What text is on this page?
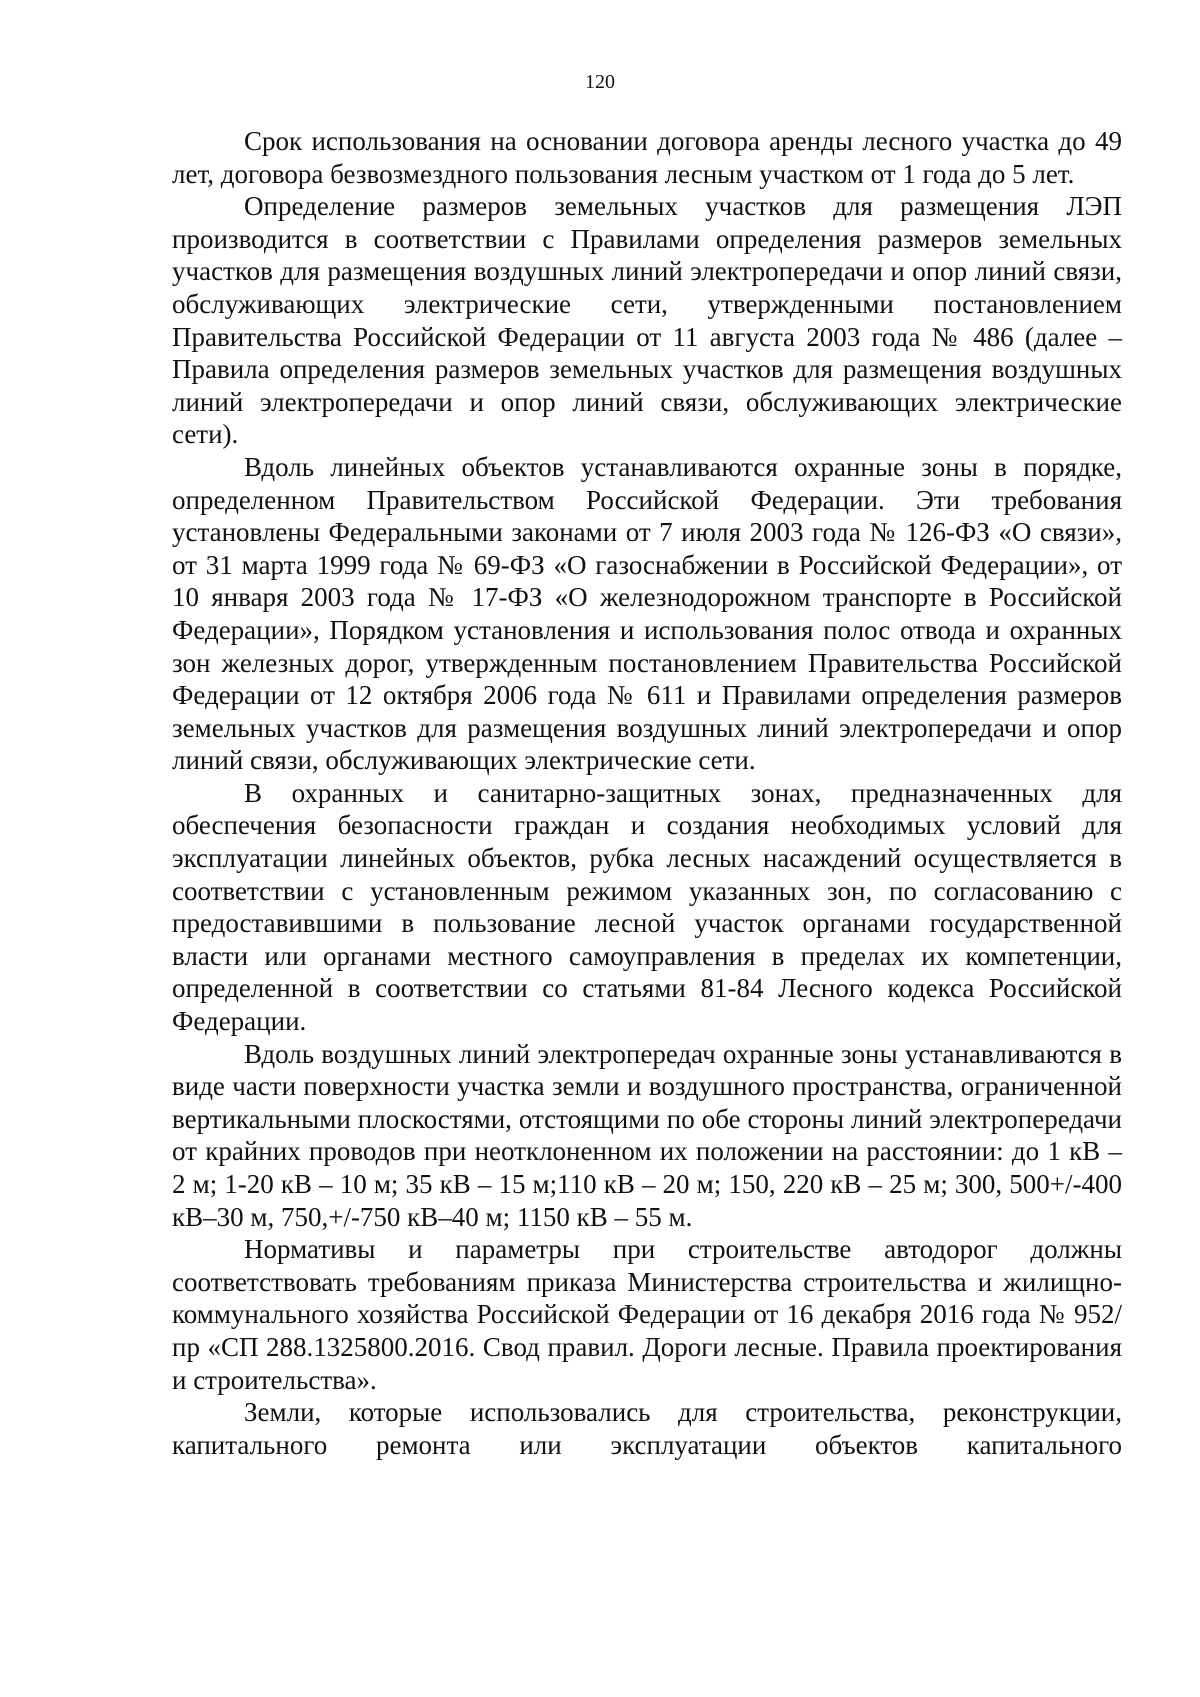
120

Срок использования на основании договора аренды лесного участка до 49 лет, договора безвозмездного пользования лесным участком от 1 года до 5 лет.

Определение размеров земельных участков для размещения ЛЭП производится в соответствии с Правилами определения размеров земельных участков для размещения воздушных линий электропередачи и опор линий связи, обслуживающих электрические сети, утвержденными постановлением Правительства Российской Федерации от 11 августа 2003 года № 486 (далее – Правила определения размеров земельных участков для размещения воздушных линий электропередачи и опор линий связи, обслуживающих электрические сети).

Вдоль линейных объектов устанавливаются охранные зоны в порядке, определенном Правительством Российской Федерации. Эти требования установлены Федеральными законами от 7 июля 2003 года № 126-ФЗ «О связи», от 31 марта 1999 года № 69-ФЗ «О газоснабжении в Российской Федерации», от 10 января 2003 года № 17-ФЗ «О железнодорожном транспорте в Российской Федерации», Порядком установления и использования полос отвода и охранных зон железных дорог, утвержденным постановлением Правительства Российской Федерации от 12 октября 2006 года № 611 и Правилами определения размеров земельных участков для размещения воздушных линий электропередачи и опор линий связи, обслуживающих электрические сети.

В охранных и санитарно-защитных зонах, предназначенных для обеспечения безопасности граждан и создания необходимых условий для эксплуатации линейных объектов, рубка лесных насаждений осуществляется в соответствии с установленным режимом указанных зон, по согласованию с предоставившими в пользование лесной участок органами государственной власти или органами местного самоуправления в пределах их компетенции, определенной в соответствии со статьями 81-84 Лесного кодекса Российской Федерации.

Вдоль воздушных линий электропередач охранные зоны устанавливаются в виде части поверхности участка земли и воздушного пространства, ограниченной вертикальными плоскостями, отстоящими по обе стороны линий электропередачи от крайних проводов при неотклоненном их положении на расстоянии: до 1 кВ – 2 м; 1-20 кВ – 10 м; 35 кВ – 15 м;110 кВ – 20 м; 150, 220 кВ – 25 м; 300, 500+/-400 кВ–30 м, 750,+/-750 кВ–40 м; 1150 кВ – 55 м.

Нормативы и параметры при строительстве автодорог должны соответствовать требованиям приказа Министерства строительства и жилищно-коммунального хозяйства Российской Федерации от 16 декабря 2016 года № 952/пр «СП 288.1325800.2016. Свод правил. Дороги лесные. Правила проектирования и строительства».

Земли, которые использовались для строительства, реконструкции, капитального ремонта или эксплуатации объектов капитального
